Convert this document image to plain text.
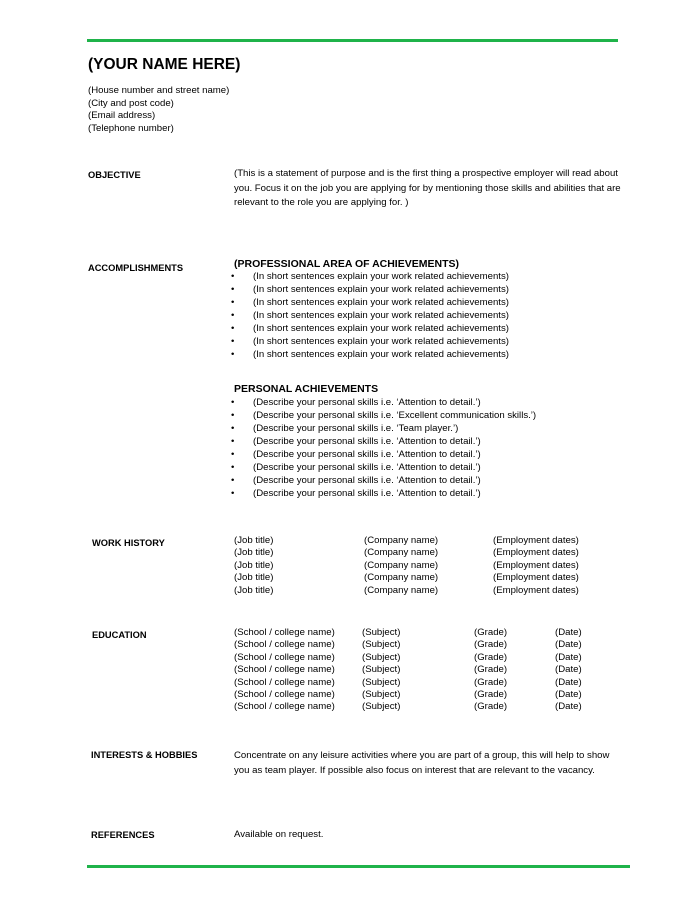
(YOUR NAME HERE)
(House number and street name)
(City and post code)
(Email address)
(Telephone number)
OBJECTIVE	(This is a statement of purpose and is the first thing a prospective employer will read about
you. Focus it on the job you are applying for by mentioning those skills and abilities that are
relevant to the role you are applying for. )
ACCOMPLISHMENTS	(PROFESSIONAL AREA OF ACHIEVEMENTS)
•	(In short sentences explain your work related achievements)
•	(In short sentences explain your work related achievements)
•	(In short sentences explain your work related achievements)
•	(In short sentences explain your work related achievements)
•	(In short sentences explain your work related achievements)
•	(In short sentences explain your work related achievements)
•	(In short sentences explain your work related achievements)
PERSONAL ACHIEVEMENTS
•	(Describe your personal skills i.e. ‘Attention to detail.’)
•	(Describe your personal skills i.e. ‘Excellent communication skills.’)
•	(Describe your personal skills i.e. ‘Team player.’)
•	(Describe your personal skills i.e. ‘Attention to detail.’)
•	(Describe your personal skills i.e. ‘Attention to detail.’)
•	(Describe your personal skills i.e. ‘Attention to detail.’)
•	(Describe your personal skills i.e. ‘Attention to detail.’)
•	(Describe your personal skills i.e. ‘Attention to detail.’)
WORK HISTORY	(Job title)	(Company name)	(Employment dates)
(Job title)	(Company name)	(Employment dates)
(Job title)	(Company name)	(Employment dates)
(Job title)	(Company name)	(Employment dates)
(Job title)	(Company name)	(Employment dates)
EDUCATION	(School / college name)	(Subject)	(Grade)	(Date)
(School / college name)	(Subject)	(Grade)	(Date)
(School / college name)	(Subject)	(Grade)	(Date)
(School / college name)	(Subject)	(Grade)	(Date)
(School / college name)	(Subject)	(Grade)	(Date)
(School / college name)	(Subject)	(Grade)	(Date)
(School / college name)	(Subject)	(Grade)	(Date)
INTERESTS & HOBBIES	Concentrate on any leisure activities where you are part of a group, this will help to show
you as team player. If possible also focus on interest that are relevant to the vacancy.
REFERENCES	Available on request.
